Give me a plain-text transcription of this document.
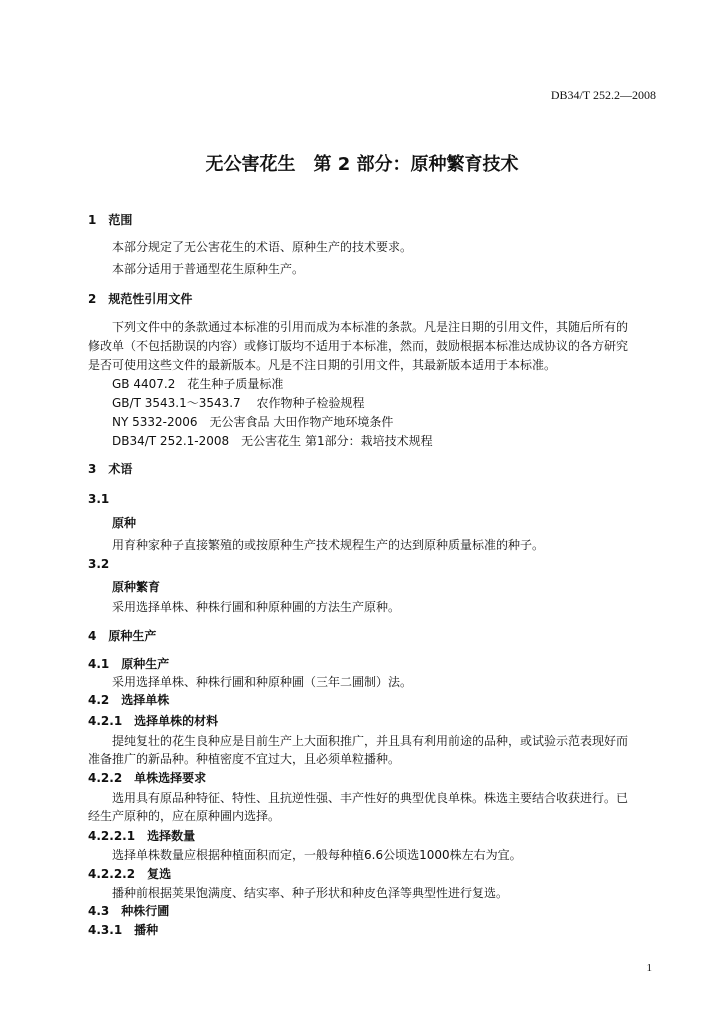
DB34/T 252.2—2008
无公害花生　第 2 部分：原种繁育技术
1　范围
本部分规定了无公害花生的术语、原种生产的技术要求。
本部分适用于普通型花生原种生产。
2　规范性引用文件
下列文件中的条款通过本标准的引用而成为本标准的条款。凡是注日期的引用文件，其随后所有的
修改单（不包括勘误的内容）或修订版均不适用于本标准，然而，鼓励根据本标准达成协议的各方研究
是否可使用这些文件的最新版本。凡是不注日期的引用文件，其最新版本适用于本标准。
GB 4407.2　花生种子质量标准
GB/T 3543.1～3543.7　 农作物种子检验规程
NY 5332-2006　无公害食品 大田作物产地环境条件
DB34/T 252.1-2008　无公害花生 第1部分：栽培技术规程
3　术语
3.1
原种
用育种家种子直接繁殖的或按原种生产技术规程生产的达到原种质量标准的种子。
3.2
原种繁育
采用选择单株、种株行圃和种原种圃的方法生产原种。
4　原种生产
4.1　原种生产
采用选择单株、种株行圃和种原种圃（三年二圃制）法。
4.2　选择单株
4.2.1　选择单株的材料
提纯复壮的花生良种应是目前生产上大面积推广，并且具有利用前途的品种，或试验示范表现好而
准备推广的新品种。种植密度不宜过大，且必须单粒播种。
4.2.2　单株选择要求
选用具有原品种特征、特性、且抗逆性强、丰产性好的典型优良单株。株选主要结合收获进行。已
经生产原种的，应在原种圃内选择。
4.2.2.1　选择数量
选择单株数量应根据种植面积而定，一般每种植6.6公顷选1000株左右为宜。
4.2.2.2　复选
播种前根据荚果饱满度、结实率、种子形状和种皮色泽等典型性进行复选。
4.3　种株行圃
4.3.1　播种
1
